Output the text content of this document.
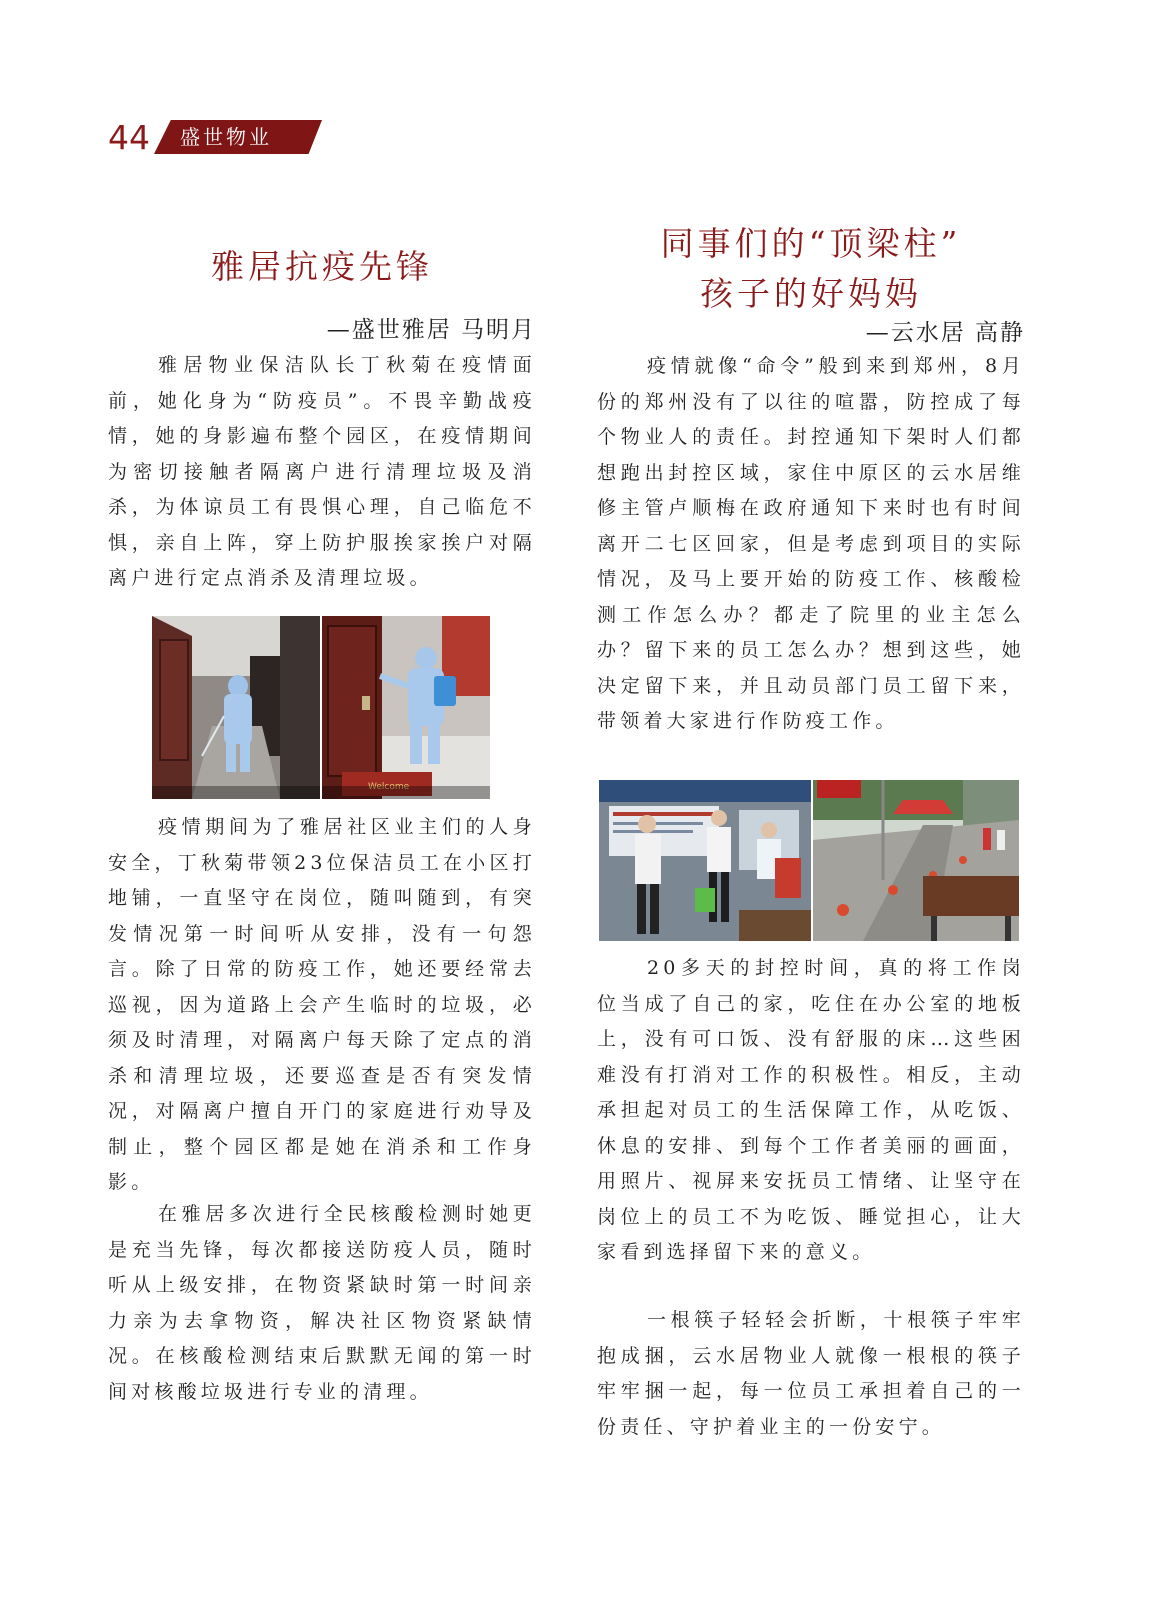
44 盛世物业
雅居抗疫先锋
—盛世雅居 马明月

雅居物业保洁队长丁秋菊在疫情面前，她化身为“防疫员”。不畏辛勤战疫情，她的身影遍布整个园区，在疫情期间为密切接触者隔离户进行清理垃圾及消杀，为体谅员工有畏惧心理，自己临危不惧，亲自上阵，穿上防护服挨家挨户对隔离户进行定点消杀及清理垃圾。

Welcome

疫情期间为了雅居社区业主们的人身安全，丁秋菊带领23位保洁员工在小区打地铺，一直坚守在岗位，随叫随到，有突发情况第一时间听从安排，没有一句怨言。除了日常的防疫工作，她还要经常去巡视，因为道路上会产生临时的垃圾，必须及时清理，对隔离户每天除了定点的消杀和清理垃圾，还要巡查是否有突发情况，对隔离户擅自开门的家庭进行劝导及制止，整个园区都是她在消杀和工作身影。

在雅居多次进行全民核酸检测时她更是充当先锋，每次都接送防疫人员，随时听从上级安排，在物资紧缺时第一时间亲力亲为去拿物资，解决社区物资紧缺情况。在核酸检测结束后默默无闻的第一时间对核酸垃圾进行专业的清理。

同事们的“顶梁柱”
孩子的好妈妈
—云水居 高静

疫情就像“命令”般到来到郑州，8月份的郑州没有了以往的喧嚣，防控成了每个物业人的责任。封控通知下架时人们都想跑出封控区域，家住中原区的云水居维修主管卢顺梅在政府通知下来时也有时间离开二七区回家，但是考虑到项目的实际情况，及马上要开始的防疫工作、核酸检测工作怎么办？都走了院里的业主怎么办？留下来的员工怎么办？想到这些，她决定留下来，并且动员部门员工留下来，带领着大家进行作防疫工作。

20多天的封控时间，真的将工作岗位当成了自己的家，吃住在办公室的地板上，没有可口饭、没有舒服的床…这些困难没有打消对工作的积极性。相反，主动承担起对员工的生活保障工作，从吃饭、休息的安排、到每个工作者美丽的画面，用照片、视屏来安抚员工情绪、让坚守在岗位上的员工不为吃饭、睡觉担心，让大家看到选择留下来的意义。

一根筷子轻轻会折断，十根筷子牢牢抱成捆，云水居物业人就像一根根的筷子牢牢捆一起，每一位员工承担着自己的一份责任、守护着业主的一份安宁。
